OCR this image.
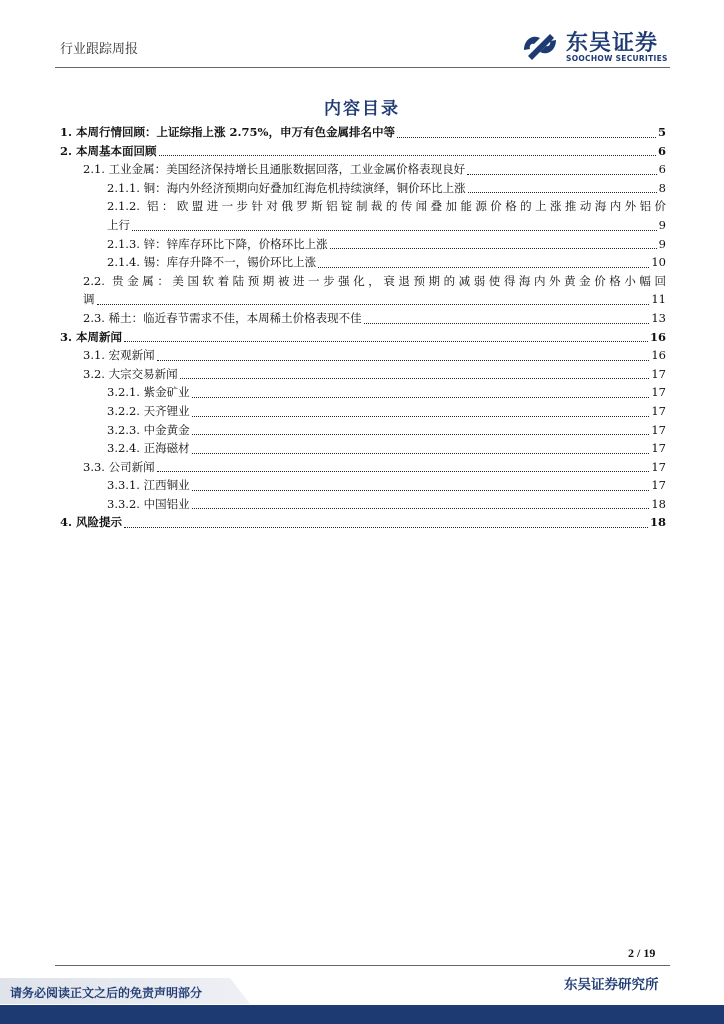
行业跟踪周报	东吴证券
SOOCHOW SECURITIES
内容目录
1. 本周行情回顾：上证综指上涨 2.75%，申万有色金属排名中等	5
2. 本周基本面回顾	6
2.1. 工业金属：美国经济保持增长且通胀数据回落，工业金属价格表现良好	6
2.1.1. 铜：海内外经济预期向好叠加红海危机持续演绎，铜价环比上涨	8
2.1.2. 铝：欧盟进一步针对俄罗斯铝锭制裁的传闻叠加能源价格的上涨推动海内外铝价
上行	9
2.1.3. 锌：锌库存环比下降，价格环比上涨	9
2.1.4. 锡：库存升降不一，锡价环比上涨	10
2.2. 贵金属：美国软着陆预期被进一步强化，衰退预期的减弱使得海内外黄金价格小幅回
调	11
2.3. 稀土：临近春节需求不佳，本周稀土价格表现不佳	13
3. 本周新闻	16
3.1. 宏观新闻	16
3.2. 大宗交易新闻	17
3.2.1. 紫金矿业	17
3.2.2. 天齐锂业	17
3.2.3. 中金黄金	17
3.2.4. 正海磁材	17
3.3. 公司新闻	17
3.3.1. 江西铜业	17
3.3.2. 中国铝业	18
4. 风险提示	18
2 / 19
东吴证券研究所
请务必阅读正文之后的免责声明部分
